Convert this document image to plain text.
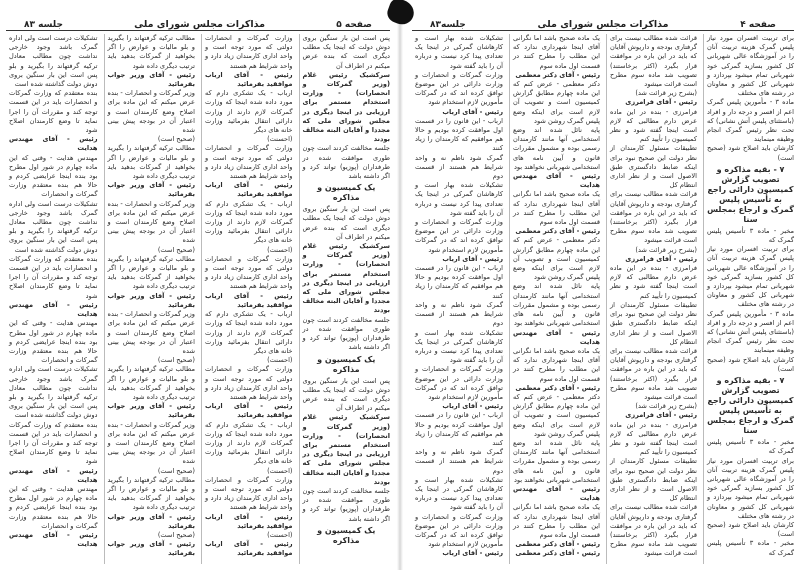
صفحه ۵
مذاکرات مجلس شورای ملی
جلسه ۸۳

پس است این بار سنگین بروی دوش دولت که اینجا یک مطلب دیگری است که بنده عرض میکنم در اطراف آن

سرکشیک رئیس غلام (وزیر گمرکات و انحصارات) - وزارت استخدام مستمر برای ارزیابی در اینجا دیگری در مجلس شورای ملی که مجددا و آقایان البته مخالف بودند

جلسه مخالفت کردند است چون طوری موافقت شده در طرفداران (پوزیو) تواند کرد و اگر داشته باشد

یک کمیسیون و مذاکره

پس است این بار سنگین بروی دوش دولت که اینجا یک مطلب دیگری است که بنده عرض میکنم در اطراف آن

سرکشیک رئیس غلام (وزیر گمرکات و انحصارات) - وزارت استخدام مستمر برای ارزیابی در اینجا دیگری در مجلس شورای ملی که مجددا و آقایان البته مخالف بودند

جلسه مخالفت کردند است چون طوری موافقت شده در طرفداران (پوزیو) تواند کرد و اگر داشته باشد

یک کمیسیون و مذاکره

پس است این بار سنگین بروی دوش دولت که اینجا یک مطلب دیگری است که بنده عرض میکنم در اطراف آن

سرکشیک رئیس غلام (وزیر گمرکات و انحصارات) - وزارت استخدام مستمر برای ارزیابی در اینجا دیگری در مجلس شورای ملی که مجددا و آقایان البته مخالف بودند

جلسه مخالفت کردند است چون طوری موافقت شده در طرفداران (پوزیو) تواند کرد و اگر داشته باشد

یک کمیسیون و مذاکره

وزارت گمرکات و انحصارات دولتی که مورد توجه است و واحد اداری کارمندان زیاد دارد و واحد شرایط هم هستند

رئیس - آقای ارباب موافقید بفرمائید

ارباب - یک تشکری دارم که مورد داده شده اینجا که وزارت گمرکات لازم دارند از وزارت دارائی انتقال بفرمائید وزارت خانه های دیگر

(احسنت)

وزارت گمرکات و انحصارات دولتی که مورد توجه است و واحد اداری کارمندان زیاد دارد و واحد شرایط هم هستند

رئیس - آقای ارباب موافقید بفرمائید

ارباب - یک تشکری دارم که مورد داده شده اینجا که وزارت گمرکات لازم دارند از وزارت دارائی انتقال بفرمائید وزارت خانه های دیگر

(احسنت)

وزارت گمرکات و انحصارات دولتی که مورد توجه است و واحد اداری کارمندان زیاد دارد و واحد شرایط هم هستند

رئیس - آقای ارباب موافقید بفرمائید

ارباب - یک تشکری دارم که مورد داده شده اینجا که وزارت گمرکات لازم دارند از وزارت دارائی انتقال بفرمائید وزارت خانه های دیگر

(احسنت)

وزارت گمرکات و انحصارات دولتی که مورد توجه است و واحد اداری کارمندان زیاد دارد و واحد شرایط هم هستند

رئیس - آقای ارباب موافقید بفرمائید

ارباب - یک تشکری دارم که مورد داده شده اینجا که وزارت گمرکات لازم دارند از وزارت دارائی انتقال بفرمائید وزارت خانه های دیگر

(احسنت)

وزارت گمرکات و انحصارات دولتی که مورد توجه است و واحد اداری کارمندان زیاد دارد و واحد شرایط هم هستند

رئیس - آقای ارباب موافقید بفرمائید

(احسنت)

رئیس - آقای ارباب موافقید بفرمائید

مطالب ترکیه گرفتهاند را بگیرید و بلو مالیات و عوارض را اگر بخواهید از گمرکات بدهید باید ترتیب دیگری داده شود

رئیس - آقای وزیر جواب بفرمائید

وزیر گمرکات و انحصارات - بنده عرض میکنم که این ماده برای اصلاح وضع کارمندان است و اعتبار آن در بودجه پیش بینی شده

(صحیح است)

مطالب ترکیه گرفتهاند را بگیرید و بلو مالیات و عوارض را اگر بخواهید از گمرکات بدهید باید ترتیب دیگری داده شود

رئیس - آقای وزیر جواب بفرمائید

وزیر گمرکات و انحصارات - بنده عرض میکنم که این ماده برای اصلاح وضع کارمندان است و اعتبار آن در بودجه پیش بینی شده

(صحیح است)

مطالب ترکیه گرفتهاند را بگیرید و بلو مالیات و عوارض را اگر بخواهید از گمرکات بدهید باید ترتیب دیگری داده شود

رئیس - آقای وزیر جواب بفرمائید

وزیر گمرکات و انحصارات - بنده عرض میکنم که این ماده برای اصلاح وضع کارمندان است و اعتبار آن در بودجه پیش بینی شده

(صحیح است)

مطالب ترکیه گرفتهاند را بگیرید و بلو مالیات و عوارض را اگر بخواهید از گمرکات بدهید باید ترتیب دیگری داده شود

رئیس - آقای وزیر جواب بفرمائید

وزیر گمرکات و انحصارات - بنده عرض میکنم که این ماده برای اصلاح وضع کارمندان است و اعتبار آن در بودجه پیش بینی شده

(صحیح است)

مطالب ترکیه گرفتهاند را بگیرید و بلو مالیات و عوارض را اگر بخواهید از گمرکات بدهید باید ترتیب دیگری داده شود

رئیس - آقای وزیر جواب بفرمائید

(صحیح است)

رئیس - آقای وزیر جواب بفرمائید

تشکیلات درست است ولی اداره گمرک باشد وجود خارجی نداشت چون مطالب معادل ترکیه گرفتهاند را بگیرید و بلو پس است این بار سنگین بروی دوش دولت گذاشته شده است

بنده معتقدم که وزارت گمرکات و انحصارات باید در این قسمت توجه کند و مقررات آن را اجرا نماید تا وضع کارمندان اصلاح شود

رئیس - آقای مهندس هدایت

مهندس هدایت - وقتی که این ماده چهارم در شور اول مطرح بود بنده اینجا عرایضی کردم و حالا هم بنده معتقدم وزارت گمرکات و انحصارات

تشکیلات درست است ولی اداره گمرک باشد وجود خارجی نداشت چون مطالب معادل ترکیه گرفتهاند را بگیرید و بلو پس است این بار سنگین بروی دوش دولت گذاشته شده است

بنده معتقدم که وزارت گمرکات و انحصارات باید در این قسمت توجه کند و مقررات آن را اجرا نماید تا وضع کارمندان اصلاح شود

رئیس - آقای مهندس هدایت

مهندس هدایت - وقتی که این ماده چهارم در شور اول مطرح بود بنده اینجا عرایضی کردم و حالا هم بنده معتقدم وزارت گمرکات و انحصارات

تشکیلات درست است ولی اداره گمرک باشد وجود خارجی نداشت چون مطالب معادل ترکیه گرفتهاند را بگیرید و بلو پس است این بار سنگین بروی دوش دولت گذاشته شده است

بنده معتقدم که وزارت گمرکات و انحصارات باید در این قسمت توجه کند و مقررات آن را اجرا نماید تا وضع کارمندان اصلاح شود

رئیس - آقای مهندس هدایت

مهندس هدایت - وقتی که این ماده چهارم در شور اول مطرح بود بنده اینجا عرایضی کردم و حالا هم بنده معتقدم وزارت گمرکات و انحصارات

رئیس - آقای مهندس هدایت

صفحه ۴
مذاکرات مجلس شورای ملی
جلسه۸۳

برای تربیت افسران مورد نیاز پلیس گمرک هزینه تربیت آنان را در آموزشگاه عالی شهربانی کل کشور بسازید گمرکی خود شهربانی تمام میشود بپردازد و شهربانی کل کشور و معاونان در رشته های مختلف

ماده ۳ - مأمورین پلیس گمرک اعم از افسر و درجه دار و افراد (باستثنای پلیس آتش نشانی) که تحت نظر رئیس گمرک انجام وظیفه مینمایند

کارشان باید اصلاح شود (صحیح است)

۷ - بقیه مذاکره و تصویب گزارش کمیسیون دارائی راجع به تأسیس پلیس گمرک و ارجاع بمجلس سنا

مخبر - ماده ۳ تأسیس پلیس گمرک که

برای تربیت افسران مورد نیاز پلیس گمرک هزینه تربیت آنان را در آموزشگاه عالی شهربانی کل کشور بسازید گمرکی خود شهربانی تمام میشود بپردازد و شهربانی کل کشور و معاونان در رشته های مختلف

ماده ۳ - مأمورین پلیس گمرک اعم از افسر و درجه دار و افراد (باستثنای پلیس آتش نشانی) که تحت نظر رئیس گمرک انجام وظیفه مینمایند

کارشان باید اصلاح شود (صحیح است)

۷ - بقیه مذاکره و تصویب گزارش کمیسیون دارائی راجع به تأسیس پلیس گمرک و ارجاع بمجلس سنا

مخبر - ماده ۳ تأسیس پلیس گمرک که

برای تربیت افسران مورد نیاز پلیس گمرک هزینه تربیت آنان را در آموزشگاه عالی شهربانی کل کشور بسازید گمرکی خود شهربانی تمام میشود بپردازد و شهربانی کل کشور و معاونان در رشته های مختلف

کارشان باید اصلاح شود (صحیح است)

مخبر - ماده ۳ تأسیس پلیس گمرک که

قرائت شده مطالب نیست برای گرفتاری بودجه و داریوش آقایان که باید در این باره در موافقت قرار بگیرد (اکثر برخاستند) تصویب شد ماده سوم مطرح است قرائت میشود

(بشرح زیر قرائت شد)

رئیس - آقای فرامرزی

فرامرزی - بنده در این ماده عرض دارم مطالبی که لازم است اینجا گفته شود و نظر کمیسیون را تأیید کنم

تطبیقات مسئول کارمندان از نظر دولت این صحیح نبود برای اینکه ضابط دادگستری طبق الاصول است و از نظر اداری انتظام کل

قرائت شده مطالب نیست برای گرفتاری بودجه و داریوش آقایان که باید در این باره در موافقت قرار بگیرد (اکثر برخاستند) تصویب شد ماده سوم مطرح است قرائت میشود

(بشرح زیر قرائت شد)

رئیس - آقای فرامرزی

فرامرزی - بنده در این ماده عرض دارم مطالبی که لازم است اینجا گفته شود و نظر کمیسیون را تأیید کنم

تطبیقات مسئول کارمندان از نظر دولت این صحیح نبود برای اینکه ضابط دادگستری طبق الاصول است و از نظر اداری انتظام کل

قرائت شده مطالب نیست برای گرفتاری بودجه و داریوش آقایان که باید در این باره در موافقت قرار بگیرد (اکثر برخاستند) تصویب شد ماده سوم مطرح است قرائت میشود

(بشرح زیر قرائت شد)

رئیس - آقای فرامرزی

فرامرزی - بنده در این ماده عرض دارم مطالبی که لازم است اینجا گفته شود و نظر کمیسیون را تأیید کنم

تطبیقات مسئول کارمندان از نظر دولت این صحیح نبود برای اینکه ضابط دادگستری طبق الاصول است و از نظر اداری انتظام کل

قرائت شده مطالب نیست برای گرفتاری بودجه و داریوش آقایان که باید در این باره در موافقت قرار بگیرد (اکثر برخاستند) تصویب شد ماده سوم مطرح است قرائت میشود

یک ماده صحیح باشد اما نگرانی آقای اینجا شهرداری ندارد که این مطلب را مطرح کنند در قسمت اول ماده سوم

رئیس - آقای دکتر معظمی

دکتر معظمی - عرض کنم که این ماده چهارم مطابق گزارش کمیسیون است و تصویب آن لازم است برای اینکه وضع پلیس گمرک روشن شود

پایه نائل شده اند وضع استخدامی آنها مانند کارمندان رسمی بوده و مشمول مقررات قانون و آیین نامه های استخدامی شهربانی نخواهند بود

رئیس - آقای مهندس هدایت

یک ماده صحیح باشد اما نگرانی آقای اینجا شهرداری ندارد که این مطلب را مطرح کنند در قسمت اول ماده سوم

رئیس - آقای دکتر معظمی

دکتر معظمی - عرض کنم که این ماده چهارم مطابق گزارش کمیسیون است و تصویب آن لازم است برای اینکه وضع پلیس گمرک روشن شود

پایه نائل شده اند وضع استخدامی آنها مانند کارمندان رسمی بوده و مشمول مقررات قانون و آیین نامه های استخدامی شهربانی نخواهند بود

رئیس - آقای مهندس هدایت

یک ماده صحیح باشد اما نگرانی آقای اینجا شهرداری ندارد که این مطلب را مطرح کنند در قسمت اول ماده سوم

رئیس - آقای دکتر معظمی

دکتر معظمی - عرض کنم که این ماده چهارم مطابق گزارش کمیسیون است و تصویب آن لازم است برای اینکه وضع پلیس گمرک روشن شود

پایه نائل شده اند وضع استخدامی آنها مانند کارمندان رسمی بوده و مشمول مقررات قانون و آیین نامه های استخدامی شهربانی نخواهند بود

رئیس - آقای مهندس هدایت

یک ماده صحیح باشد اما نگرانی آقای اینجا شهرداری ندارد که این مطلب را مطرح کنند در قسمت اول ماده سوم

رئیس - آقای دکتر معظمی

رئیس - آقای دکتر معظمی

تشکیلات شده بهار است و کارهاشان گمرکی در اینجا یک تعدادی پیدا کرد نیست و درباره آن را باید گفته شود

وزارت گمرکات و انحصارات و وزارت دارائی در این موضوع توافق کرده اند که در گمرکات مأمورین لازم استخدام شود

رئیس - آقای ارباب

ارباب - این قانون را در قسمت اول موافقت کرده بودیم و حالا هم موافقیم که کارمندان را زیاد کنند

گمرک شود ناظم نه و واحد شرایط هم هستند از قسمت دوم

تشکیلات شده بهار است و کارهاشان گمرکی در اینجا یک تعدادی پیدا کرد نیست و درباره آن را باید گفته شود

وزارت گمرکات و انحصارات و وزارت دارائی در این موضوع توافق کرده اند که در گمرکات مأمورین لازم استخدام شود

رئیس - آقای ارباب

ارباب - این قانون را در قسمت اول موافقت کرده بودیم و حالا هم موافقیم که کارمندان را زیاد کنند

گمرک شود ناظم نه و واحد شرایط هم هستند از قسمت دوم

تشکیلات شده بهار است و کارهاشان گمرکی در اینجا یک تعدادی پیدا کرد نیست و درباره آن را باید گفته شود

وزارت گمرکات و انحصارات و وزارت دارائی در این موضوع توافق کرده اند که در گمرکات مأمورین لازم استخدام شود

رئیس - آقای ارباب

ارباب - این قانون را در قسمت اول موافقت کرده بودیم و حالا هم موافقیم که کارمندان را زیاد کنند

گمرک شود ناظم نه و واحد شرایط هم هستند از قسمت دوم

تشکیلات شده بهار است و کارهاشان گمرکی در اینجا یک تعدادی پیدا کرد نیست و درباره آن را باید گفته شود

وزارت گمرکات و انحصارات و وزارت دارائی در این موضوع توافق کرده اند که در گمرکات مأمورین لازم استخدام شود

رئیس - آقای ارباب
